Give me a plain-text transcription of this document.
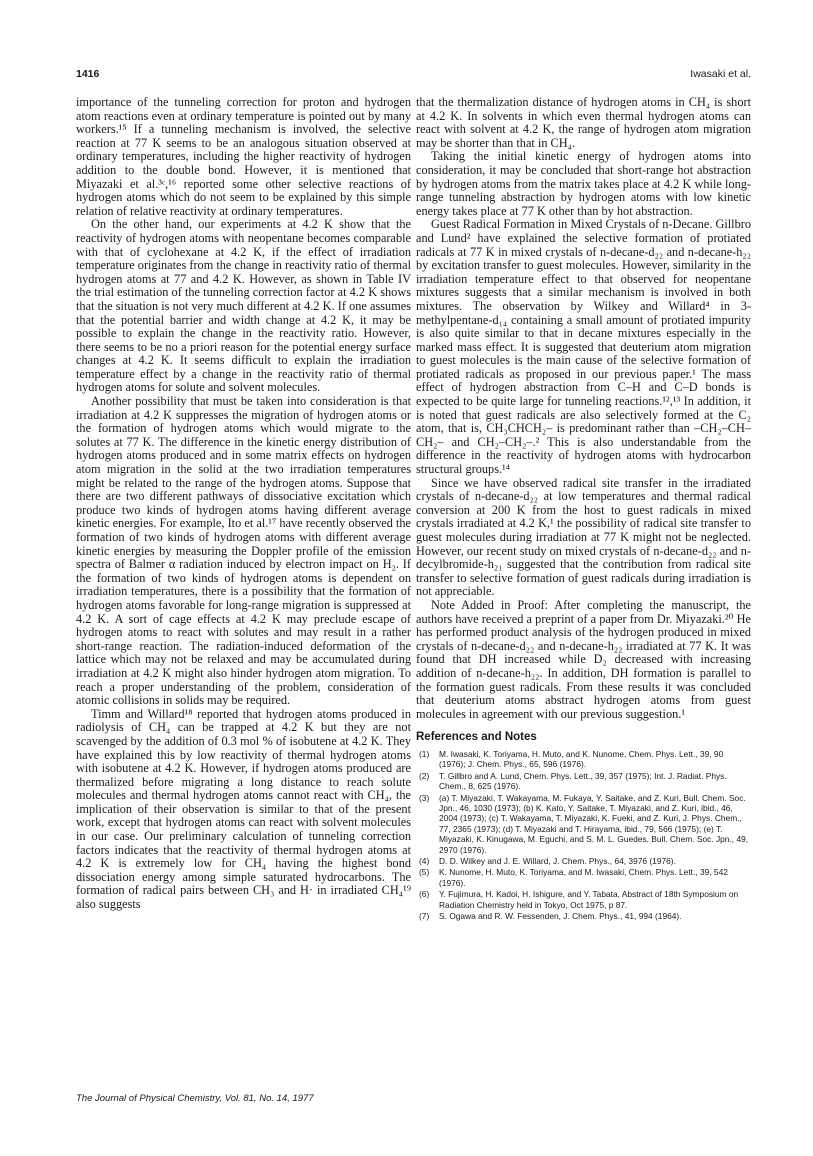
1416	Iwasaki et al.

importance of the tunneling correction for proton and hydrogen atom reactions even at ordinary temperature is pointed out by many workers.¹⁵ If a tunneling mechanism is involved, the selective reaction at 77 K seems to be an analogous situation observed at ordinary temperatures, including the higher reactivity of hydrogen addition to the double bond. However, it is mentioned that Miyazaki et al.³ᶜ,¹⁶ reported some other selective reactions of hydrogen atoms which do not seem to be explained by this simple relation of relative reactivity at ordinary temperatures.

On the other hand, our experiments at 4.2 K show that the reactivity of hydrogen atoms with neopentane becomes comparable with that of cyclohexane at 4.2 K, if the effect of irradiation temperature originates from the change in reactivity ratio of thermal hydrogen atoms at 77 and 4.2 K. However, as shown in Table IV the trial estimation of the tunneling correction factor at 4.2 K shows that the situation is not very much different at 4.2 K. If one assumes that the potential barrier and width change at 4.2 K, it may be possible to explain the change in the reactivity ratio. However, there seems to be no a priori reason for the potential energy surface changes at 4.2 K. It seems difficult to explain the irradiation temperature effect by a change in the reactivity ratio of thermal hydrogen atoms for solute and solvent molecules.

Another possibility that must be taken into consideration is that irradiation at 4.2 K suppresses the migration of hydrogen atoms or the formation of hydrogen atoms which would migrate to the solutes at 77 K. The difference in the kinetic energy distribution of hydrogen atoms produced and in some matrix effects on hydrogen atom migration in the solid at the two irradiation temperatures might be related to the range of the hydrogen atoms. Suppose that there are two different pathways of dissociative excitation which produce two kinds of hydrogen atoms having different average kinetic energies. For example, Ito et al.¹⁷ have recently observed the formation of two kinds of hydrogen atoms with different average kinetic energies by measuring the Doppler profile of the emission spectra of Balmer α radiation induced by electron impact on H₂. If the formation of two kinds of hydrogen atoms is dependent on irradiation temperatures, there is a possibility that the formation of hydrogen atoms favorable for long-range migration is suppressed at 4.2 K. A sort of cage effects at 4.2 K may preclude escape of hydrogen atoms to react with solutes and may result in a rather short-range reaction. The radiation-induced deformation of the lattice which may not be relaxed and may be accumulated during irradiation at 4.2 K might also hinder hydrogen atom migration. To reach a proper understanding of the problem, consideration of atomic collisions in solids may be required.

Timm and Willard¹⁸ reported that hydrogen atoms produced in radiolysis of CH₄ can be trapped at 4.2 K but they are not scavenged by the addition of 0.3 mol % of isobutene at 4.2 K. They have explained this by low reactivity of thermal hydrogen atoms with isobutene at 4.2 K. However, if hydrogen atoms produced are thermalized before migrating a long distance to reach solute molecules and thermal hydrogen atoms cannot react with CH₄, the implication of their observation is similar to that of the present work, except that hydrogen atoms can react with solvent molecules in our case. Our preliminary calculation of tunneling correction factors indicates that the reactivity of thermal hydrogen atoms at 4.2 K is extremely low for CH₄ having the highest bond dissociation energy among simple saturated hydrocarbons. The formation of radical pairs between CH₃ and H· in irradiated CH₄¹⁹ also suggests

that the thermalization distance of hydrogen atoms in CH₄ is short at 4.2 K. In solvents in which even thermal hydrogen atoms can react with solvent at 4.2 K, the range of hydrogen atom migration may be shorter than that in CH₄.

Taking the initial kinetic energy of hydrogen atoms into consideration, it may be concluded that short-range hot abstraction by hydrogen atoms from the matrix takes place at 4.2 K while long-range tunneling abstraction by hydrogen atoms with low kinetic energy takes place at 77 K other than by hot abstraction.

Guest Radical Formation in Mixed Crystals of n-Decane. Gillbro and Lund² have explained the selective formation of protiated radicals at 77 K in mixed crystals of n-decane-d₂₂ and n-decane-h₂₂ by excitation transfer to guest molecules. However, similarity in the irradiation temperature effect to that observed for neopentane mixtures suggests that a similar mechanism is involved in both mixtures. The observation by Wilkey and Willard⁴ in 3-methylpentane-d₁₄ containing a small amount of protiated impurity is also quite similar to that in decane mixtures especially in the marked mass effect. It is suggested that deuterium atom migration to guest molecules is the main cause of the selective formation of protiated radicals as proposed in our previous paper.¹ The mass effect of hydrogen abstraction from C–H and C–D bonds is expected to be quite large for tunneling reactions.¹²,¹³ In addition, it is noted that guest radicals are also selectively formed at the C₂ atom, that is, CH₃CHCH₂– is predominant rather than –CH₂–CH–CH₂– and CH₂–CH₂–.² This is also understandable from the difference in the reactivity of hydrogen atoms with hydrocarbon structural groups.¹⁴

Since we have observed radical site transfer in the irradiated crystals of n-decane-d₂₂ at low temperatures and thermal radical conversion at 200 K from the host to guest radicals in mixed crystals irradiated at 4.2 K,¹ the possibility of radical site transfer to guest molecules during irradiation at 77 K might not be neglected. However, our recent study on mixed crystals of n-decane-d₂₂ and n-decylbromide-h₂₁ suggested that the contribution from radical site transfer to selective formation of guest radicals during irradiation is not appreciable.

Note Added in Proof: After completing the manuscript, the authors have received a preprint of a paper from Dr. Miyazaki.²⁰ He has performed product analysis of the hydrogen produced in mixed crystals of n-decane-d₂₂ and n-decane-h₂₂ irradiated at 77 K. It was found that DH increased while D₂ decreased with increasing addition of n-decane-h₂₂. In addition, DH formation is parallel to the formation guest radicals. From these results it was concluded that deuterium atoms abstract hydrogen atoms from guest molecules in agreement with our previous suggestion.¹

References and Notes
(1)	M. Iwasaki, K. Toriyama, H. Muto, and K. Nunome, Chem. Phys. Lett., 39, 90 (1976); J. Chem. Phys., 65, 596 (1976).
(2)	T. Gillbro and A. Lund, Chem. Phys. Lett., 39, 357 (1975); Int. J. Radiat. Phys. Chem., 8, 625 (1976).
(3)	(a) T. Miyazaki, T. Wakayama, M. Fukaya, Y. Saitake, and Z. Kuri, Bull. Chem. Soc. Jpn., 46, 1030 (1973); (b) K. Kato, Y. Saitake, T. Miyazaki, and Z. Kuri, ibid., 46, 2004 (1973); (c) T. Wakayama, T. Miyazaki, K. Fueki, and Z. Kuri, J. Phys. Chem., 77, 2365 (1973); (d) T. Miyazaki and T. Hirayama, ibid., 79, 566 (1975); (e) T. Miyazaki, K. Kinugawa, M. Eguchi, and S. M. L. Guedes, Bull. Chem. Soc. Jpn., 49, 2970 (1976).
(4)	D. D. Wilkey and J. E. Willard, J. Chem. Phys., 64, 3976 (1976).
(5)	K. Nunome, H. Muto, K. Toriyama, and M. Iwasaki, Chem. Phys. Lett., 39, 542 (1976).
(6)	Y. Fujimura, H. Kadoi, H. Ishigure, and Y. Tabata, Abstract of 18th Symposium on Radiation Chemistry held in Tokyo, Oct 1975, p 87.
(7)	S. Ogawa and R. W. Fessenden, J. Chem. Phys., 41, 994 (1964).
The Journal of Physical Chemistry, Vol. 81, No. 14, 1977
